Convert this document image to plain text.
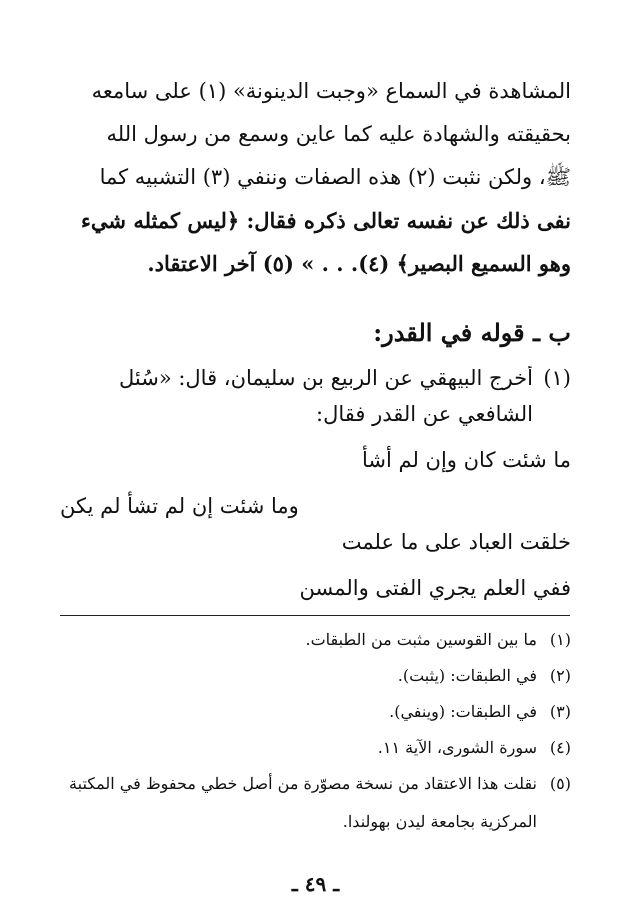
المشاهدة في السماع «وجبت الدينونة» (١) على سامعه
بحقيقته والشهادة عليه كما عاين وسمع من رسول الله
ﷺ، ولكن نثبت (٢) هذه الصفات وننفي (٣) التشبيه كما
نفى ذلك عن نفسه تعالى ذكره فقال: ﴿ليس كمثله شيء
وهو السميع البصير﴾ (٤). . . » (٥) آخر الاعتقاد.
ب ـ قوله في القدر:
(١)
أخرج البيهقي عن الربيع بن سليمان، قال: «سُئل
الشافعي عن القدر فقال:
ما شئت كان وإن لم أشأ
وما شئت إن لم تشأ لم يكن
خلقت العباد على ما علمت
ففي العلم يجري الفتى والمسن
(١)ما بين القوسين مثبت من الطبقات.
(٢)في الطبقات: (يثبت).
(٣)في الطبقات: (وينفي).
(٤)سورة الشورى، الآية ١١.
(٥)نقلت هذا الاعتقاد من نسخة مصوّرة من أصل خطي محفوظ في المكتبة
المركزية بجامعة ليدن بهولندا.
ـ ٤٩ ـ
